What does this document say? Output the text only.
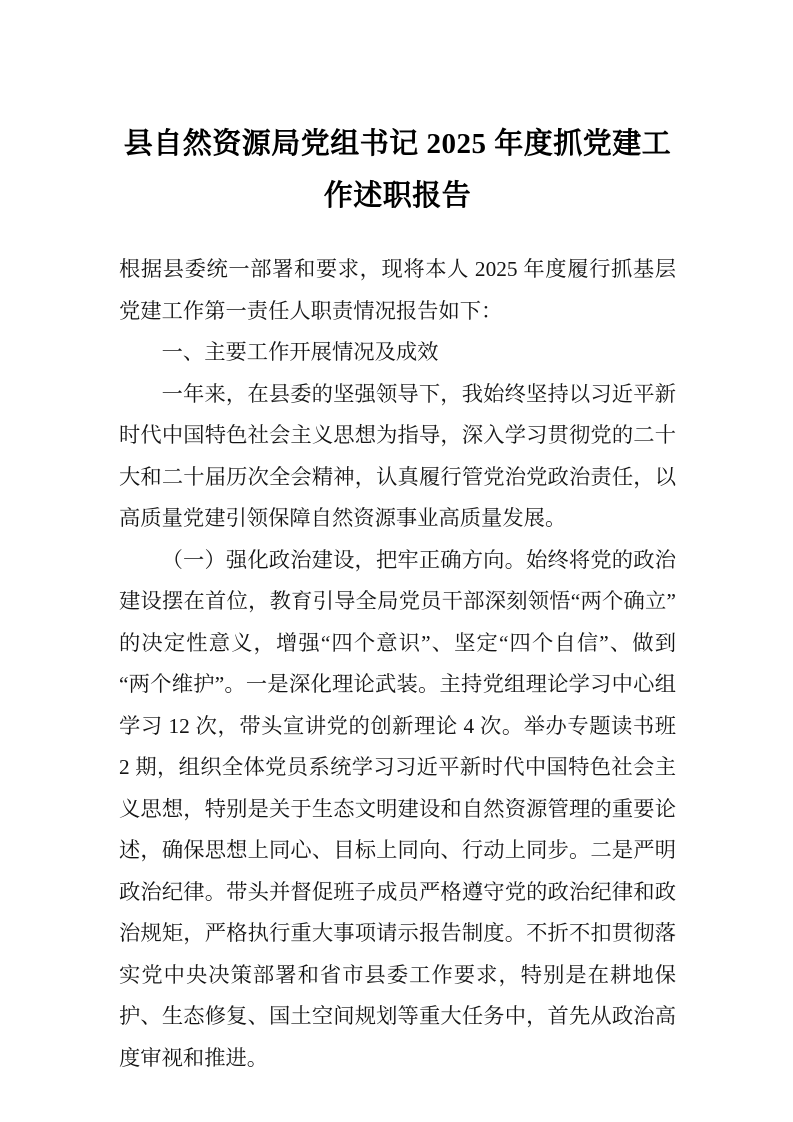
县自然资源局党组书记 2025 年度抓党建工作述职报告

根据县委统一部署和要求，现将本人 2025 年度履行抓基层党建工作第一责任人职责情况报告如下：

一、主要工作开展情况及成效

一年来，在县委的坚强领导下，我始终坚持以习近平新时代中国特色社会主义思想为指导，深入学习贯彻党的二十大和二十届历次全会精神，认真履行管党治党政治责任，以高质量党建引领保障自然资源事业高质量发展。

（一）强化政治建设，把牢正确方向。始终将党的政治建设摆在首位，教育引导全局党员干部深刻领悟“两个确立”的决定性意义，增强“四个意识”、坚定“四个自信”、做到“两个维护”。一是深化理论武装。主持党组理论学习中心组学习 12 次，带头宣讲党的创新理论 4 次。举办专题读书班 2 期，组织全体党员系统学习习近平新时代中国特色社会主义思想，特别是关于生态文明建设和自然资源管理的重要论述，确保思想上同心、目标上同向、行动上同步。二是严明政治纪律。带头并督促班子成员严格遵守党的政治纪律和政治规矩，严格执行重大事项请示报告制度。不折不扣贯彻落实党中央决策部署和省市县委工作要求，特别是在耕地保护、生态修复、国土空间规划等重大任务中，首先从政治高度审视和推进。
